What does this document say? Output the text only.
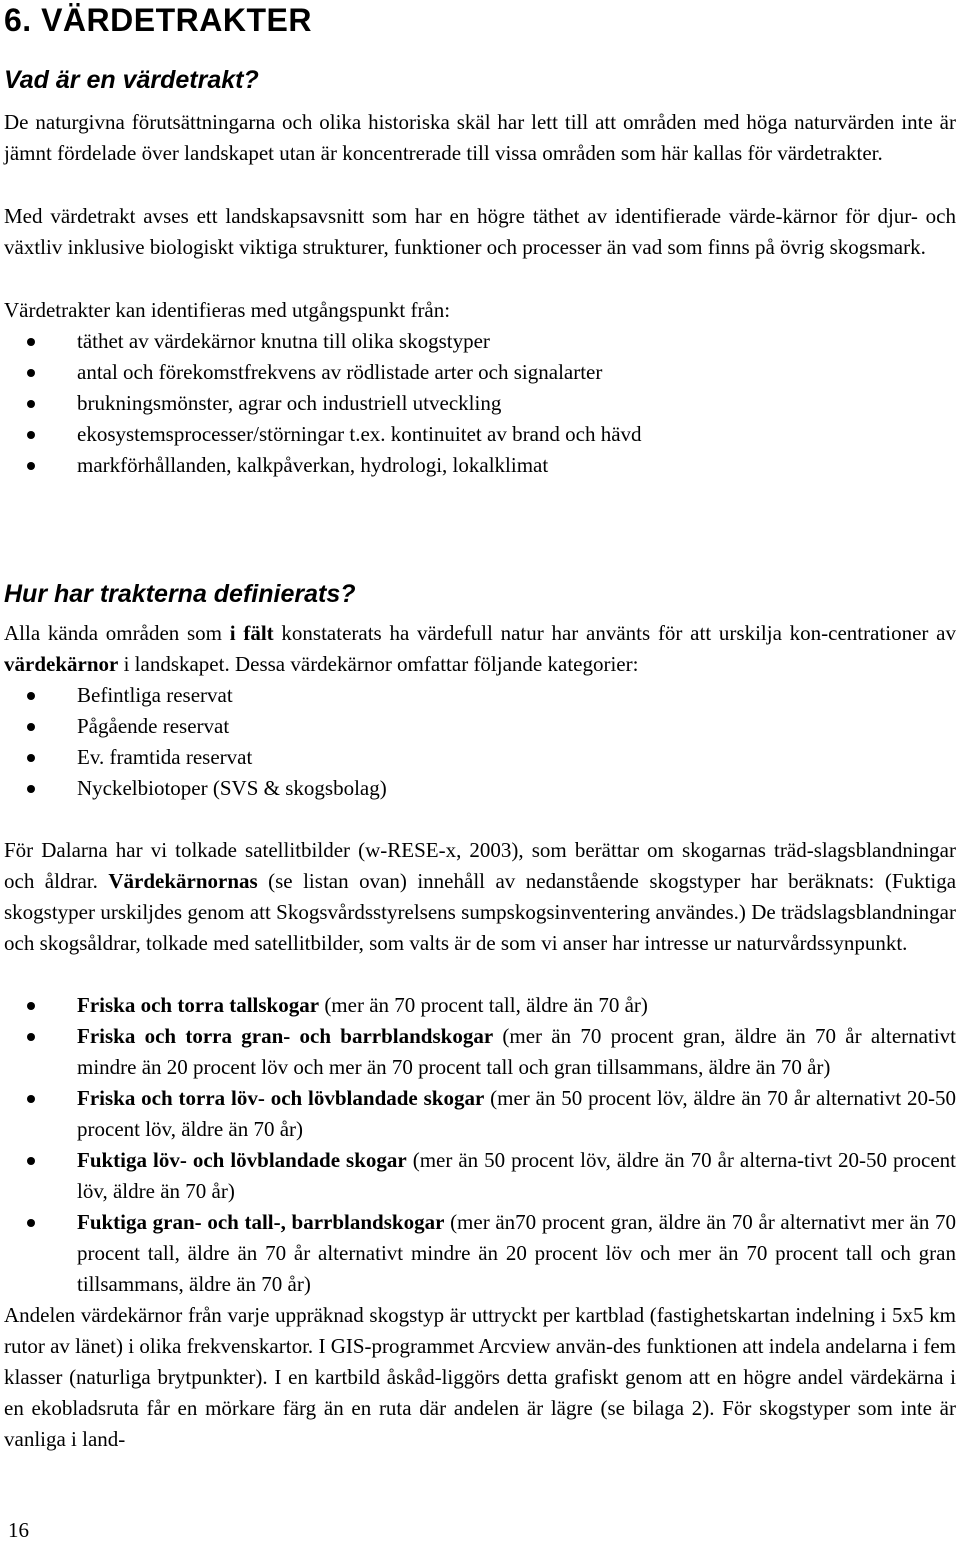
6. VÄRDETRAKTER
Vad är en värdetrakt?

De naturgivna förutsättningarna och olika historiska skäl har lett till att områden med höga naturvärden inte är jämnt fördelade över landskapet utan är koncentrerade till vissa områden som här kallas för värdetrakter.

Med värdetrakt avses ett landskapsavsnitt som har en högre täthet av identifierade värde-kärnor för djur- och växtliv inklusive biologiskt viktiga strukturer, funktioner och processer än vad som finns på övrig skogsmark.

Värdetrakter kan identifieras med utgångspunkt från:

täthet av värdekärnor knutna till olika skogstyper
antal och förekomstfrekvens av rödlistade arter och signalarter
brukningsmönster, agrar och industriell utveckling
ekosystemsprocesser/störningar t.ex. kontinuitet av brand och hävd
markförhållanden, kalkpåverkan, hydrologi, lokalklimat
Hur har trakterna definierats?

Alla kända områden som i fält konstaterats ha värdefull natur har använts för att urskilja kon-centrationer av värdekärnor i landskapet. Dessa värdekärnor omfattar följande kategorier:

Befintliga reservat
Pågående reservat
Ev. framtida reservat
Nyckelbiotoper (SVS & skogsbolag)

För Dalarna har vi tolkade satellitbilder (w-RESE-x, 2003), som berättar om skogarnas träd-slagsblandningar och åldrar. Värdekärnornas (se listan ovan) innehåll av nedanstående skogstyper har beräknats: (Fuktiga skogstyper urskiljdes genom att Skogsvårdsstyrelsens sumpskogsinventering användes.) De trädslagsblandningar och skogsåldrar, tolkade med satellitbilder, som valts är de som vi anser har intresse ur naturvårdssynpunkt.

Friska och torra tallskogar (mer än 70 procent tall, äldre än 70 år)
Friska och torra gran- och barrblandskogar (mer än 70 procent gran, äldre än 70 år alternativt mindre än 20 procent löv och mer än 70 procent tall och gran tillsammans, äldre än 70 år)
Friska och torra löv- och lövblandade skogar (mer än 50 procent löv, äldre än 70 år alternativt 20-50 procent löv, äldre än 70 år)
Fuktiga löv- och lövblandade skogar (mer än 50 procent löv, äldre än 70 år alterna-tivt 20-50 procent löv, äldre än 70 år)
Fuktiga gran- och tall-, barrblandskogar (mer än70 procent gran, äldre än 70 år alternativt mer än 70 procent tall, äldre än 70 år alternativt mindre än 20 procent löv och mer än 70 procent tall och gran tillsammans, äldre än 70 år)

Andelen värdekärnor från varje uppräknad skogstyp är uttryckt per kartblad (fastighetskartan indelning i 5x5 km rutor av länet) i olika frekvenskartor. I GIS-programmet Arcview använ-des funktionen att indela andelarna i fem klasser (naturliga brytpunkter). I en kartbild åskåd-liggörs detta grafiskt genom att en högre andel värdekärna i en ekobladsruta får en mörkare färg än en ruta där andelen är lägre (se bilaga 2). För skogstyper som inte är vanliga i land-

16
